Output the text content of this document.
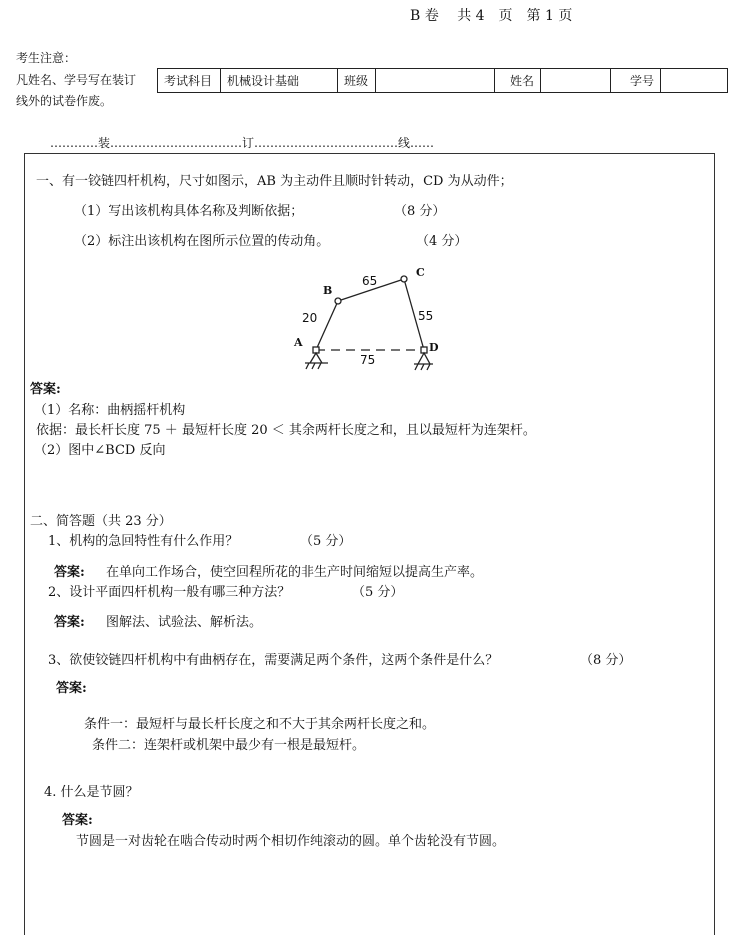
B 卷　 共 4　页　第 1 页
考生注意：
凡姓名、学号写在装订
线外的试卷作废。
考试科目	机械设计基础	班级		姓名		学号	
…………装……………………………订………………………………线……
一、有一铰链四杆机构，尺寸如图示，AB 为主动件且顺时针转动，CD 为从动件；
（1）写出该机构具体名称及判断依据；	（8 分）
（2）标注出该机构在图所示位置的传动角。	（4 分）
A
B
C
D
20
65
55
75
答案:
（1）名称：曲柄摇杆机构
依据：最长杆长度 75 ＋ 最短杆长度 20 ＜ 其余两杆长度之和，且以最短杆为连架杆。
（2）图中∠BCD 反向
二、简答题（共 23 分）
1、机构的急回特性有什么作用？	（5 分）
答案: 在单向工作场合，使空回程所花的非生产时间缩短以提高生产率。
2、设计平面四杆机构一般有哪三种方法？	（5 分）
答案: 图解法、试验法、解析法。
3、欲使铰链四杆机构中有曲柄存在，需要满足两个条件，这两个条件是什么？	（8 分）
答案:
条件一：最短杆与最长杆长度之和不大于其余两杆长度之和。
条件二：连架杆或机架中最少有一根是最短杆。
4. 什么是节圆？
答案:
节圆是一对齿轮在啮合传动时两个相切作纯滚动的圆。单个齿轮没有节圆。
